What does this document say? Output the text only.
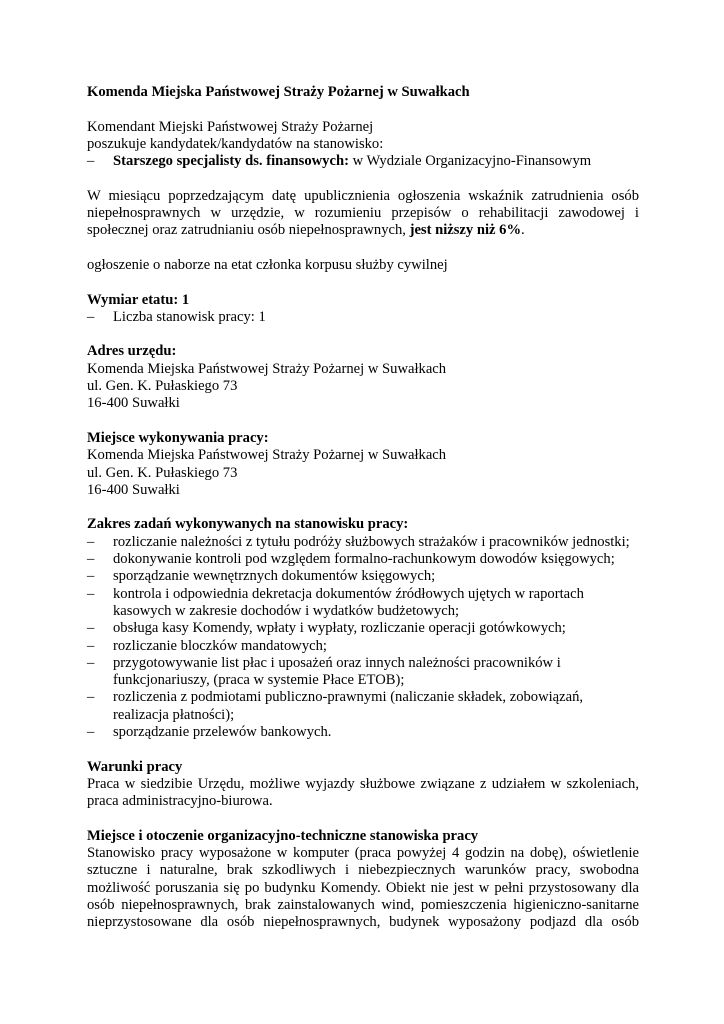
Komenda Miejska Państwowej Straży Pożarnej w Suwałkach

Komendant Miejski Państwowej Straży Pożarnej

poszukuje kandydatek/kandydatów na stanowisko:

– Starszego specjalisty ds. finansowych: w Wydziale Organizacyjno-Finansowym

W miesiącu poprzedzającym datę upublicznienia ogłoszenia wskaźnik zatrudnienia osób niepełnosprawnych w urzędzie, w rozumieniu przepisów o rehabilitacji zawodowej i społecznej oraz zatrudnianiu osób niepełnosprawnych, jest niższy niż 6%.

ogłoszenie o naborze na etat członka korpusu służby cywilnej

Wymiar etatu: 1

– Liczba stanowisk pracy: 1

Adres urzędu:

Komenda Miejska Państwowej Straży Pożarnej w Suwałkach

ul. Gen. K. Pułaskiego 73

16-400 Suwałki

Miejsce wykonywania pracy:

Komenda Miejska Państwowej Straży Pożarnej w Suwałkach

ul. Gen. K. Pułaskiego 73

16-400 Suwałki

Zakres zadań wykonywanych na stanowisku pracy:

– rozliczanie należności z tytułu podróży służbowych strażaków i pracowników jednostki;

– dokonywanie kontroli pod względem formalno-rachunkowym dowodów księgowych;

– sporządzanie wewnętrznych dokumentów księgowych;

– kontrola i odpowiednia dekretacja dokumentów źródłowych ujętych w raportach kasowych w zakresie dochodów i wydatków budżetowych;

– obsługa kasy Komendy, wpłaty i wypłaty, rozliczanie operacji gotówkowych;

– rozliczanie bloczków mandatowych;

– przygotowywanie list płac i uposażeń oraz innych należności pracowników i funkcjonariuszy, (praca w systemie Płace ETOB);

– rozliczenia z podmiotami publiczno-prawnymi (naliczanie składek, zobowiązań, realizacja płatności);

– sporządzanie przelewów bankowych.

Warunki pracy

Praca w siedzibie Urzędu, możliwe wyjazdy służbowe związane z udziałem w szkoleniach, praca administracyjno-biurowa.

Miejsce i otoczenie organizacyjno-techniczne stanowiska pracy

Stanowisko pracy wyposażone w komputer (praca powyżej 4 godzin na dobę), oświetlenie sztuczne i naturalne, brak szkodliwych i niebezpiecznych warunków pracy, swobodna możliwość poruszania się po budynku Komendy. Obiekt nie jest w pełni przystosowany dla osób niepełnosprawnych, brak zainstalowanych wind, pomieszczenia higieniczno-sanitarne nieprzystosowane dla osób niepełnosprawnych, budynek wyposażony podjazd dla osób
